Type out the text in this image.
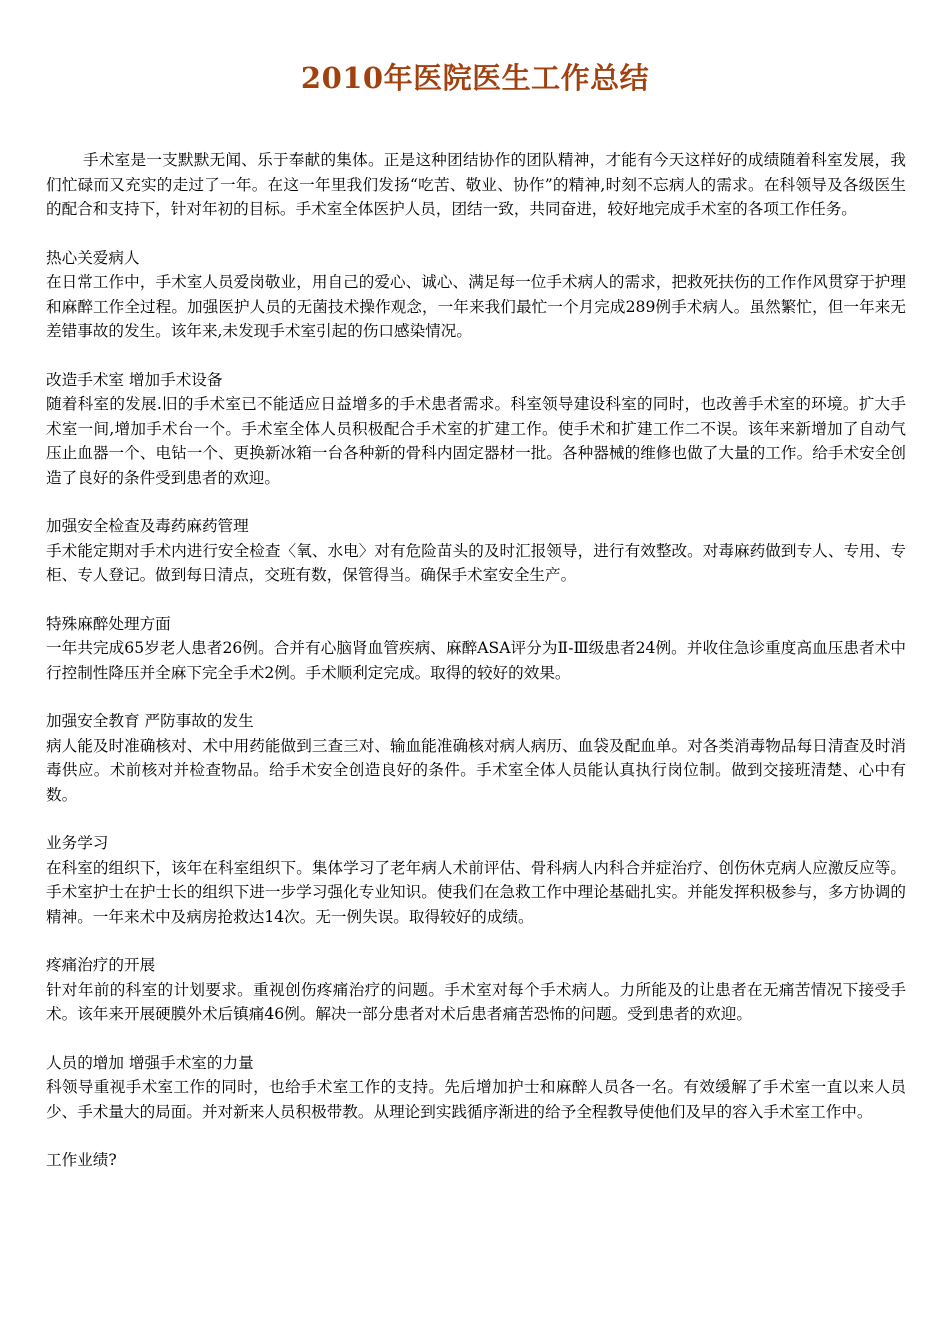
2010年医院医生工作总结

手术室是一支默默无闻、乐于奉献的集体。正是这种团结协作的团队精神，才能有今天这样好的成绩随着科室发展，我们忙碌而又充实的走过了一年。在这一年里我们发扬“吃苦、敬业、协作”的精神,时刻不忘病人的需求。在科领导及各级医生的配合和支持下，针对年初的目标。手术室全体医护人员，团结一致，共同奋进，较好地完成手术室的各项工作任务。

热心关爱病人

在日常工作中，手术室人员爱岗敬业，用自己的爱心、诚心、满足每一位手术病人的需求，把救死扶伤的工作作风贯穿于护理和麻醉工作全过程。加强医护人员的无菌技术操作观念，一年来我们最忙一个月完成289例手术病人。虽然繁忙，但一年来无差错事故的发生。该年来,未发现手术室引起的伤口感染情况。

改造手术室 增加手术设备

随着科室的发展.旧的手术室已不能适应日益增多的手术患者需求。科室领导建设科室的同时，也改善手术室的环境。扩大手术室一间,增加手术台一个。手术室全体人员积极配合手术室的扩建工作。使手术和扩建工作二不误。该年来新增加了自动气压止血器一个、电钻一个、更换新冰箱一台各种新的骨科内固定器材一批。各种器械的维修也做了大量的工作。给手术安全创造了良好的条件受到患者的欢迎。

加强安全检查及毒药麻药管理

手术能定期对手术内进行安全检查〈氧、水电〉对有危险苗头的及时汇报领导，进行有效整改。对毒麻药做到专人、专用、专柜、专人登记。做到每日清点，交班有数，保管得当。确保手术室安全生产。

特殊麻醉处理方面

一年共完成65岁老人患者26例。合并有心脑肾血管疾病、麻醉ASA评分为Ⅱ-Ⅲ级患者24例。并收住急诊重度高血压患者术中行控制性降压并全麻下完全手术2例。手术顺利定完成。取得的较好的效果。

加强安全教育 严防事故的发生

病人能及时准确核对、术中用药能做到三查三对、输血能准确核对病人病历、血袋及配血单。对各类消毒物品每日清查及时消毒供应。术前核对并检查物品。给手术安全创造良好的条件。手术室全体人员能认真执行岗位制。做到交接班清楚、心中有数。

业务学习

在科室的组织下，该年在科室组织下。集体学习了老年病人术前评估、骨科病人内科合并症治疗、创伤休克病人应激反应等。手术室护士在护士长的组织下进一步学习强化专业知识。使我们在急救工作中理论基础扎实。并能发挥积极参与，多方协调的精神。一年来术中及病房抢救达14次。无一例失误。取得较好的成绩。

疼痛治疗的开展

针对年前的科室的计划要求。重视创伤疼痛治疗的问题。手术室对每个手术病人。力所能及的让患者在无痛苦情况下接受手术。该年来开展硬膜外术后镇痛46例。解决一部分患者对术后患者痛苦恐怖的问题。受到患者的欢迎。

人员的增加 增强手术室的力量

科领导重视手术室工作的同时，也给手术室工作的支持。先后增加护士和麻醉人员各一名。有效缓解了手术室一直以来人员少、手术量大的局面。并对新来人员积极带教。从理论到实践循序渐进的给予全程教导使他们及早的容入手术室工作中。

工作业绩?
